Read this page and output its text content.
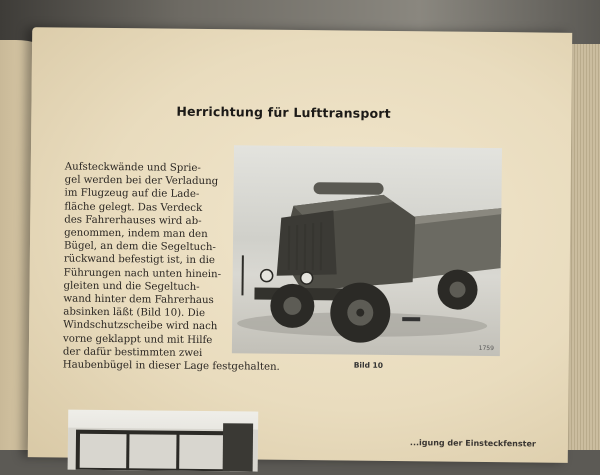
Herrichtung für Lufttransport

Aufsteckwände und Sprie-
gel werden bei der Verladung
im Flugzeug auf die Lade-
fläche gelegt. Das Verdeck
des Fahrerhauses wird ab-
genommen, indem man den
Bügel, an dem die Segeltuch-
rückwand befestigt ist, in die
Führungen nach unten hinein-
gleiten und die Segeltuch-
wand hinter dem Fahrerhaus
absinken läßt (Bild 10). Die
Windschutzscheibe wird nach
vorne geklappt und mit Hilfe
der dafür bestimmten zwei
Haubenbügel in dieser Lage festgehalten.

1759
Bild 10
...igung der Einsteckfenster
